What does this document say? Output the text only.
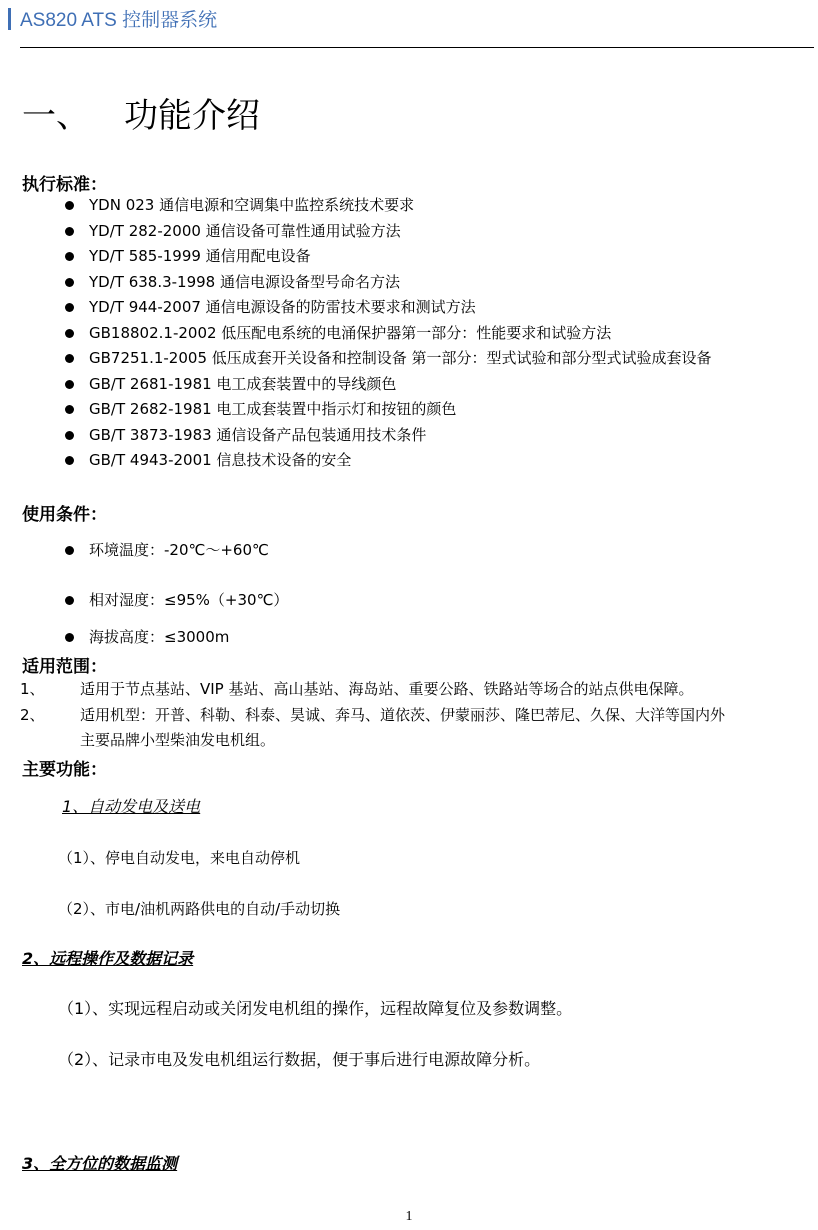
AS820 ATS 控制器系统
一、 功能介绍
执行标准：
YDN 023 通信电源和空调集中监控系统技术要求
YD/T 282-2000 通信设备可靠性通用试验方法
YD/T 585-1999 通信用配电设备
YD/T 638.3-1998 通信电源设备型号命名方法
YD/T 944-2007 通信电源设备的防雷技术要求和测试方法
GB18802.1-2002 低压配电系统的电涌保护器第一部分：性能要求和试验方法
GB7251.1-2005 低压成套开关设备和控制设备 第一部分：型式试验和部分型式试验成套设备
GB/T 2681-1981 电工成套装置中的导线颜色
GB/T 2682-1981 电工成套装置中指示灯和按钮的颜色
GB/T 3873-1983 通信设备产品包装通用技术条件
GB/T 4943-2001 信息技术设备的安全
使用条件：
环境温度：-20℃～+60℃
相对湿度：≤95%（+30℃）
海拔高度：≤3000m
适用范围：
1、 适用于节点基站、VIP 基站、高山基站、海岛站、重要公路、铁路站等场合的站点供电保障。
2、 适用机型：开普、科勒、科泰、昊诚、奔马、道依茨、伊蒙丽莎、隆巴蒂尼、久保、大洋等国内外
主要品牌小型柴油发电机组。
主要功能：
1、自动发电及送电
（1）、停电自动发电，来电自动停机
（2）、市电/油机两路供电的自动/手动切换
2、远程操作及数据记录
（1）、实现远程启动或关闭发电机组的操作，远程故障复位及参数调整。
（2）、记录市电及发电机组运行数据，便于事后进行电源故障分析。
3、全方位的数据监测
1
